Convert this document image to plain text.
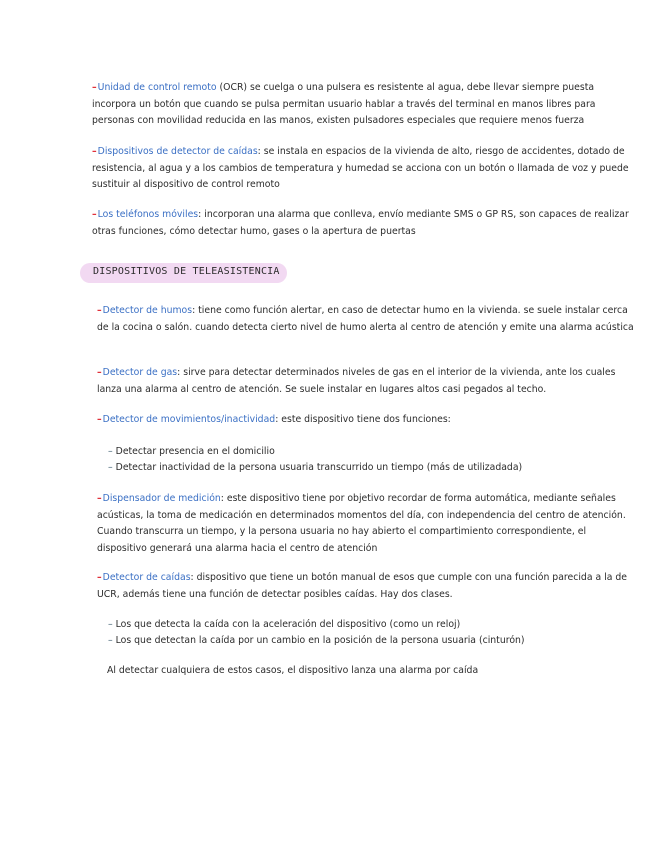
–Unidad de control remoto (OCR) se cuelga o una pulsera es resistente al agua, debe llevar siempre puesta incorpora un botón que cuando se pulsa permitan usuario hablar a través del terminal en manos libres para personas con movilidad reducida en las manos, existen pulsadores especiales que requiere menos fuerza
–Dispositivos de detector de caídas: se instala en espacios de la vivienda de alto, riesgo de accidentes, dotado de resistencia, al agua y a los cambios de temperatura y humedad se acciona con un botón o llamada de voz y puede sustituir al dispositivo de control remoto
–Los teléfonos móviles: incorporan una alarma que conlleva, envío mediante SMS o GP RS, son capaces de realizar otras funciones, cómo detectar humo, gases o la apertura de puertas
DISPOSITIVOS DE TELEASISTENCIA
–Detector de humos: tiene como función alertar, en caso de detectar humo en la vivienda. se suele instalar cerca de la cocina o salón. cuando detecta cierto nivel de humo alerta al centro de atención y emite una alarma acústica
–Detector de gas: sirve para detectar determinados niveles de gas en el interior de la vivienda, ante los cuales lanza una alarma al centro de atención. Se suele instalar en lugares altos casi pegados al techo.
–Detector de movimientos/inactividad: este dispositivo tiene dos funciones:
– Detectar presencia en el domicilio
– Detectar inactividad de la persona usuaria transcurrido un tiempo (más de utilizadada)
–Dispensador de medición: este dispositivo tiene por objetivo recordar de forma automática, mediante señales acústicas, la toma de medicación en determinados momentos del día, con independencia del centro de atención. Cuando transcurra un tiempo, y la persona usuaria no hay abierto el compartimiento correspondiente, el dispositivo generará una alarma hacia el centro de atención
–Detector de caídas: dispositivo que tiene un botón manual de esos que cumple con una función parecida a la de UCR, además tiene una función de detectar posibles caídas. Hay dos clases.
– Los que detecta la caída con la aceleración del dispositivo (como un reloj)
– Los que detectan la caída por un cambio en la posición de la persona usuaria (cinturón)
Al detectar cualquiera de estos casos, el dispositivo lanza una alarma por caída
